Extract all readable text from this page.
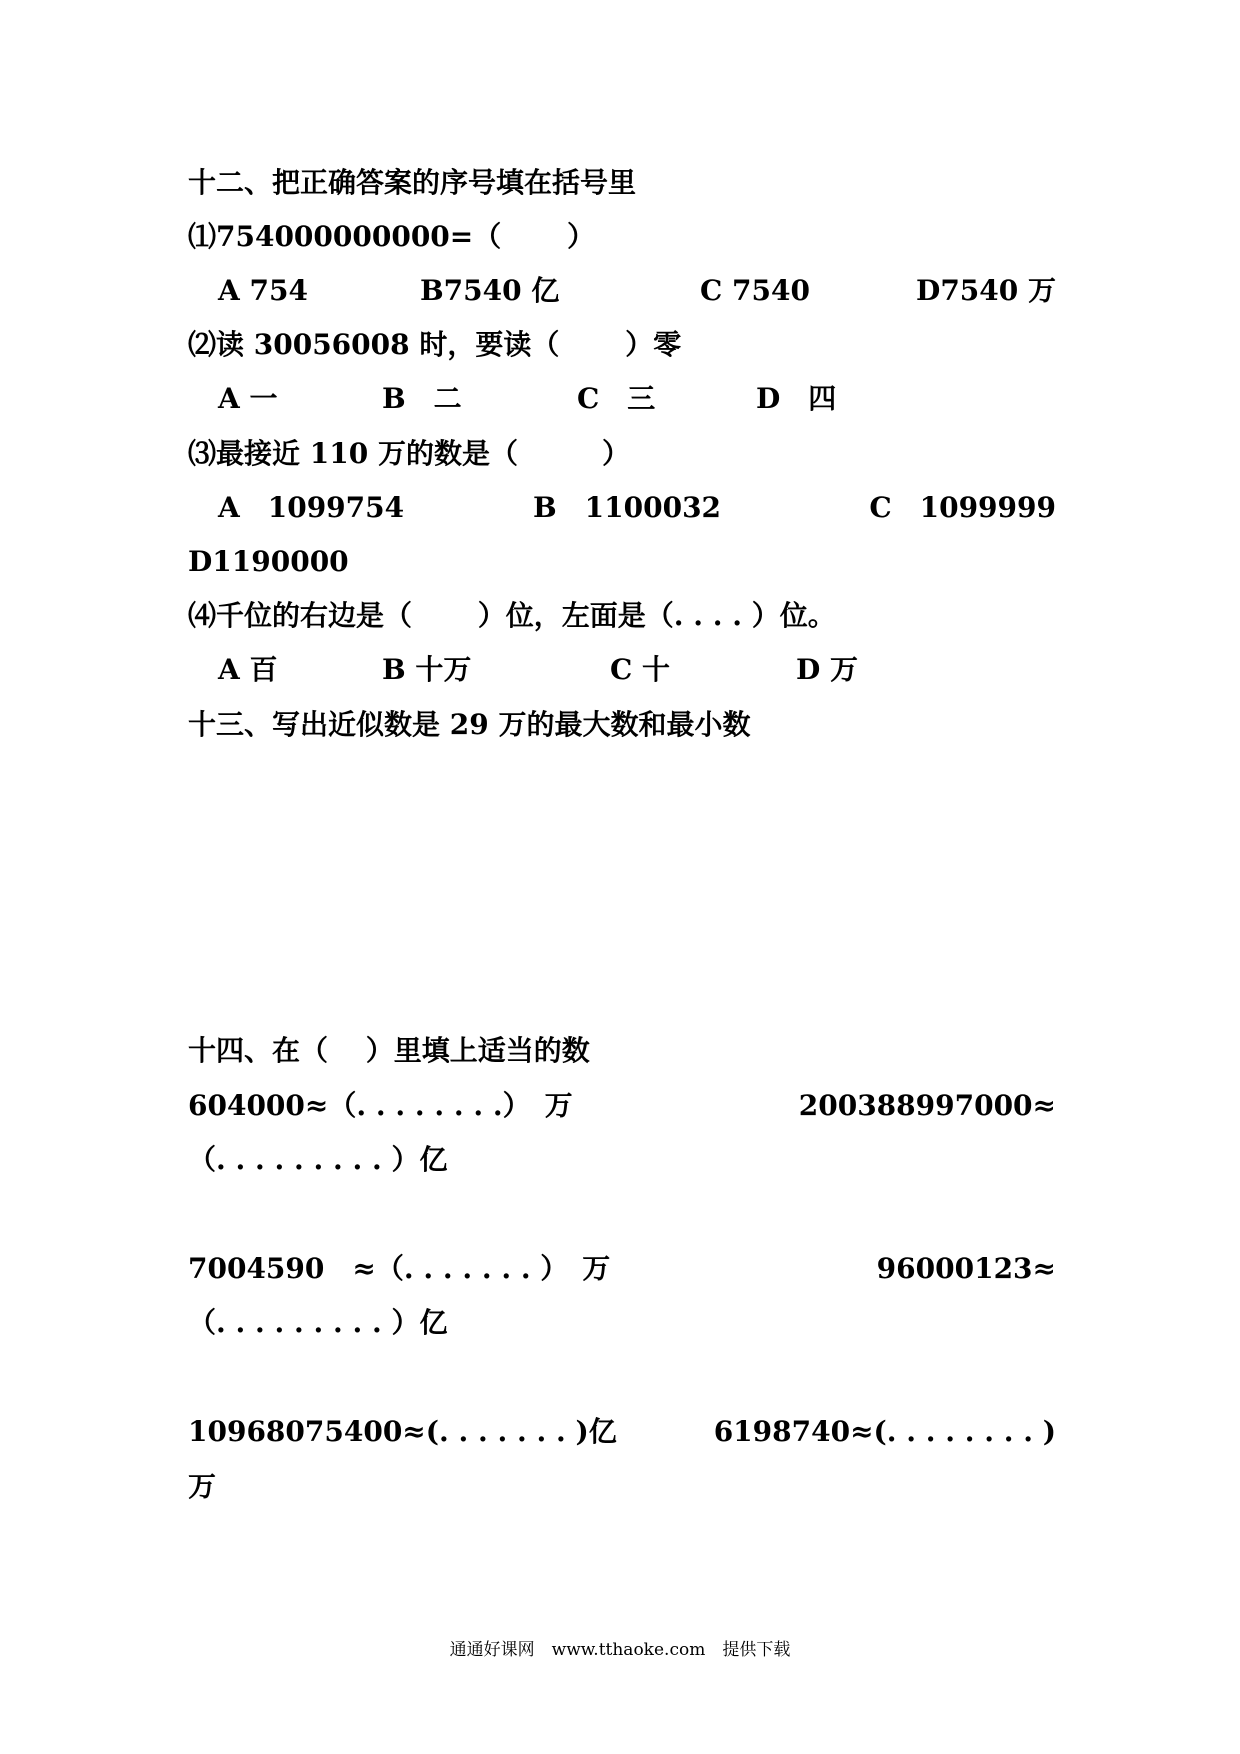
十二、把正确答案的序号填在括号里
⑴754000000000=（　　 ）
A 754	B7540 亿	C 7540	D7540 万
⑵读 30056008 时，要读（　　 ）零
A 一	B　二	C　三	D　四
⑶最接近 110 万的数是（　　　）
A　1099754	B　1100032	C　1099999
D1190000
⑷千位的右边是（　　 ）位，左面是（. . . . ）位。
A 百	B 十万	C 十	D 万
十三、写出近似数是 29 万的最大数和最小数
十四、在（　 ）里填上适当的数
604000≈（. . . . . . . .）　万	200388997000≈
（. . . . . . . . . ）亿
7004590　≈（. . . . . . . ）　万	96000123≈
（. . . . . . . . . ）亿
10968075400≈(. . . . . . . )亿	6198740≈(. . . . . . . . )
万
通通好课网　www.tthaoke.com　提供下载
